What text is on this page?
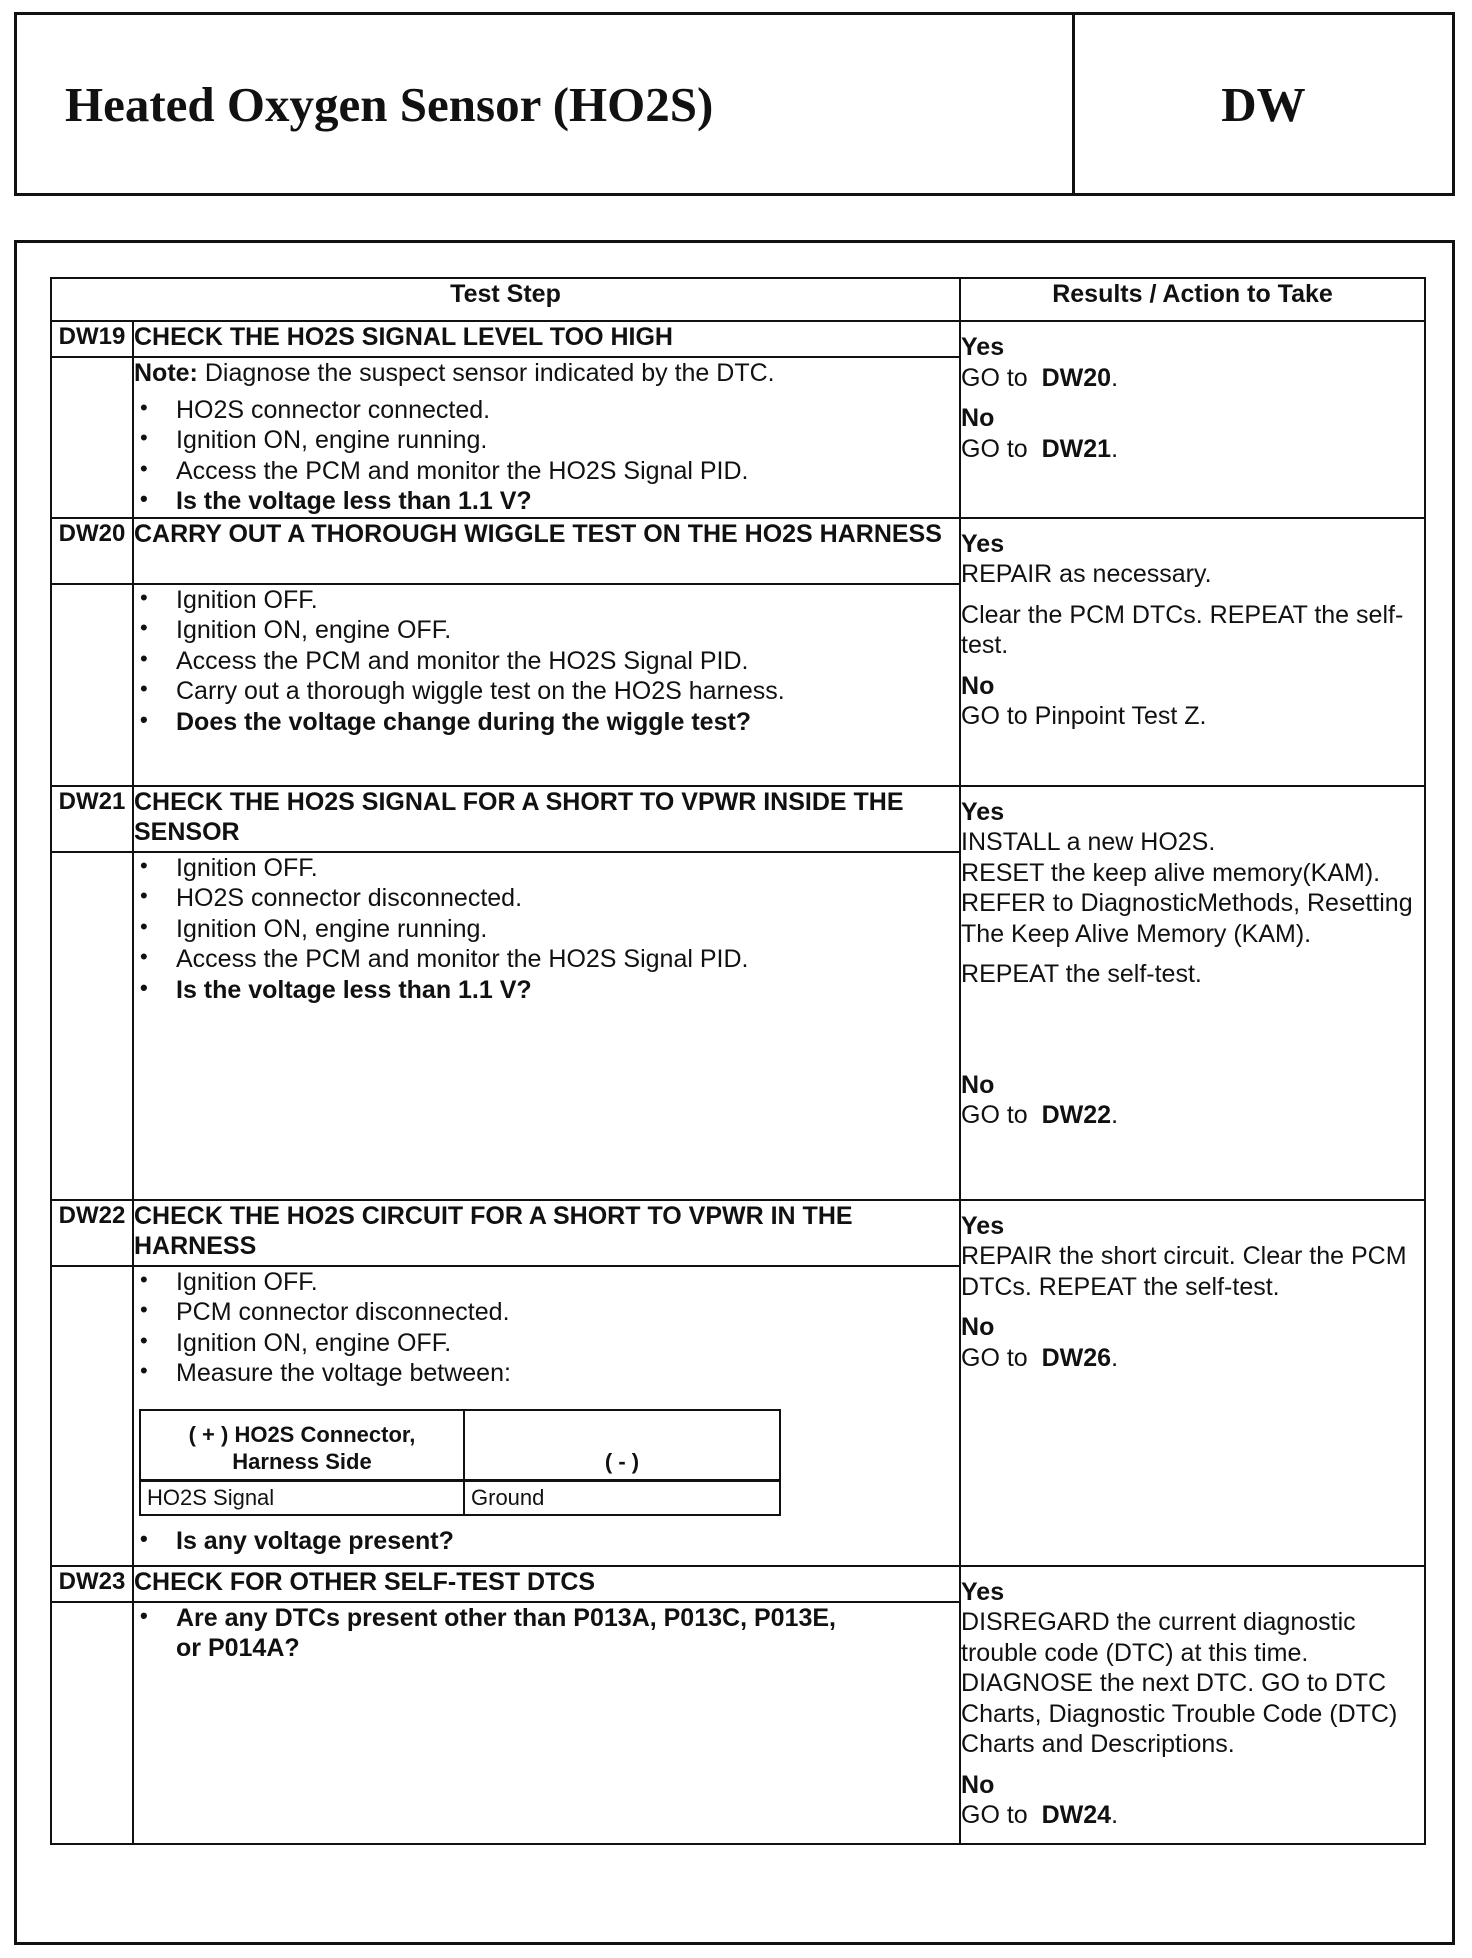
Heated Oxygen Sensor (HO2S)	DW
Test Step	Results / Action to Take
DW19	CHECK THE HO2S SIGNAL LEVEL TOO HIGH	Yes
GO to DW20.
No
GO to DW21.

Note: Diagnose the suspect sensor indicated by the DTC.
• HO2S connector connected.
• Ignition ON, engine running.
• Access the PCM and monitor the HO2S Signal PID.
• Is the voltage less than 1.1 V?

DW20	CARRY OUT A THOROUGH WIGGLE TEST ON THE HO2S HARNESS	Yes
REPAIR as necessary.
Clear the PCM DTCs. REPEAT the self-test.
No
GO to Pinpoint Test Z.

• Ignition OFF.
• Ignition ON, engine OFF.
• Access the PCM and monitor the HO2S Signal PID.
• Carry out a thorough wiggle test on the HO2S harness.
• Does the voltage change during the wiggle test?

DW21	CHECK THE HO2S SIGNAL FOR A SHORT TO VPWR INSIDE THE SENSOR	
Yes
INSTALL a new HO2S.
RESET the keep alive memory(KAM).
REFER to DiagnosticMethods, Resetting The Keep Alive Memory (KAM).
REPEAT the self-test.
No
GO to DW22.

• Ignition OFF.
• HO2S connector disconnected.
• Ignition ON, engine running.
• Access the PCM and monitor the HO2S Signal PID.
• Is the voltage less than 1.1 V?

DW22	CHECK THE HO2S CIRCUIT FOR A SHORT TO VPWR IN THE HARNESS	
Yes
REPAIR the short circuit. Clear the PCM DTCs. REPEAT the self-test.
No
GO to DW26.

• Ignition OFF.
• PCM connector disconnected.
• Ignition ON, engine OFF.
• Measure the voltage between:
( + ) HO2S Connector, Harness Side	( - )
HO2S Signal	Ground
• Is any voltage present?

DW23	CHECK FOR OTHER SELF-TEST DTCS	Yes
DISREGARD the current diagnostic trouble code (DTC) at this time.
DIAGNOSE the next DTC. GO to DTC Charts, Diagnostic Trouble Code (DTC) Charts and Descriptions.
No
GO to DW24.

• Are any DTCs present other than P013A, P013C, P013E, or P014A?
